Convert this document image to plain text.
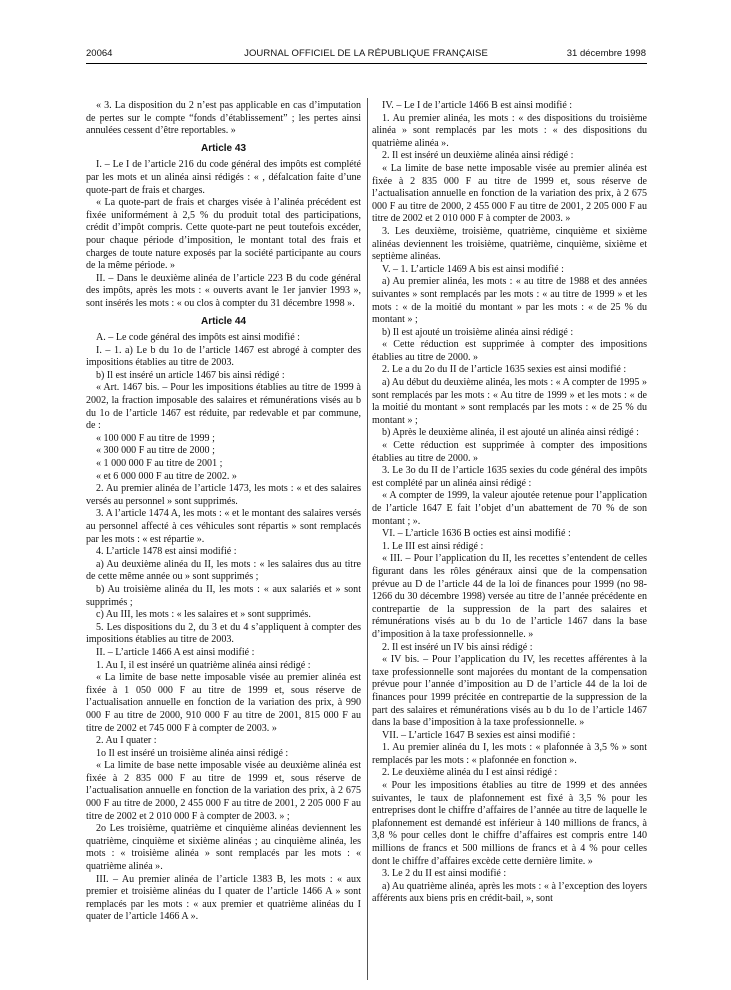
20064	JOURNAL OFFICIEL DE LA RÉPUBLIQUE FRANÇAISE	31 décembre 1998

« 3. La disposition du 2 n’est pas applicable en cas d’imputation de pertes sur le compte “fonds d’établissement” ; les pertes ainsi annulées cessent d’être reportables. »

Article 43

I. – Le I de l’article 216 du code général des impôts est complété par les mots et un alinéa ainsi rédigés : « , défalcation faite d’une quote-part de frais et charges.

« La quote-part de frais et charges visée à l’alinéa précédent est fixée uniformément à 2,5 % du produit total des participations, crédit d’impôt compris. Cette quote-part ne peut toutefois excéder, pour chaque période d’imposition, le montant total des frais et charges de toute nature exposés par la société participante au cours de la même période. »

II. – Dans le deuxième alinéa de l’article 223 B du code général des impôts, après les mots : « ouverts avant le 1er janvier 1993 », sont insérés les mots : « ou clos à compter du 31 décembre 1998 ».

Article 44

A. – Le code général des impôts est ainsi modifié :

I. – 1. a) Le b du 1o de l’article 1467 est abrogé à compter des impositions établies au titre de 2003.

b) Il est inséré un article 1467 bis ainsi rédigé :

« Art. 1467 bis. – Pour les impositions établies au titre de 1999 à 2002, la fraction imposable des salaires et rémunérations visés au b du 1o de l’article 1467 est réduite, par redevable et par commune, de :

« 100 000 F au titre de 1999 ;

« 300 000 F au titre de 2000 ;

« 1 000 000 F au titre de 2001 ;

« et 6 000 000 F au titre de 2002. »

2. Au premier alinéa de l’article 1473, les mots : « et des salaires versés au personnel » sont supprimés.

3. A l’article 1474 A, les mots : « et le montant des salaires versés au personnel affecté à ces véhicules sont répartis » sont remplacés par les mots : « est répartie ».

4. L’article 1478 est ainsi modifié :

a) Au deuxième alinéa du II, les mots : « les salaires dus au titre de cette même année ou » sont supprimés ;

b) Au troisième alinéa du II, les mots : « aux salariés et » sont supprimés ;

c) Au III, les mots : « les salaires et » sont supprimés.

5. Les dispositions du 2, du 3 et du 4 s’appliquent à compter des impositions établies au titre de 2003.

II. – L’article 1466 A est ainsi modifié :

1. Au I, il est inséré un quatrième alinéa ainsi rédigé :

« La limite de base nette imposable visée au premier alinéa est fixée à 1 050 000 F au titre de 1999 et, sous réserve de l’actualisation annuelle en fonction de la variation des prix, à 990 000 F au titre de 2000, 910 000 F au titre de 2001, 815 000 F au titre de 2002 et 745 000 F à compter de 2003. »

2. Au I quater :

1o Il est inséré un troisième alinéa ainsi rédigé :

« La limite de base nette imposable visée au deuxième alinéa est fixée à 2 835 000 F au titre de 1999 et, sous réserve de l’actualisation annuelle en fonction de la variation des prix, à 2 675 000 F au titre de 2000, 2 455 000 F au titre de 2001, 2 205 000 F au titre de 2002 et 2 010 000 F à compter de 2003. » ;

2o Les troisième, quatrième et cinquième alinéas deviennent les quatrième, cinquième et sixième alinéas ; au cinquième alinéa, les mots : « troisième alinéa » sont remplacés par les mots : « quatrième alinéa ».

III. – Au premier alinéa de l’article 1383 B, les mots : « aux premier et troisième alinéas du I quater de l’article 1466 A » sont remplacés par les mots : « aux premier et quatrième alinéas du I quater de l’article 1466 A ».

IV. – Le I de l’article 1466 B est ainsi modifié :

1. Au premier alinéa, les mots : « des dispositions du troisième alinéa » sont remplacés par les mots : « des dispositions du quatrième alinéa ».

2. Il est inséré un deuxième alinéa ainsi rédigé :

« La limite de base nette imposable visée au premier alinéa est fixée à 2 835 000 F au titre de 1999 et, sous réserve de l’actualisation annuelle en fonction de la variation des prix, à 2 675 000 F au titre de 2000, 2 455 000 F au titre de 2001, 2 205 000 F au titre de 2002 et 2 010 000 F à compter de 2003. »

3. Les deuxième, troisième, quatrième, cinquième et sixième alinéas deviennent les troisième, quatrième, cinquième, sixième et septième alinéas.

V. – 1. L’article 1469 A bis est ainsi modifié :

a) Au premier alinéa, les mots : « au titre de 1988 et des années suivantes » sont remplacés par les mots : « au titre de 1999 » et les mots : « de la moitié du montant » par les mots : « de 25 % du montant » ;

b) Il est ajouté un troisième alinéa ainsi rédigé :

« Cette réduction est supprimée à compter des impositions établies au titre de 2000. »

2. Le a du 2o du II de l’article 1635 sexies est ainsi modifié :

a) Au début du deuxième alinéa, les mots : « A compter de 1995 » sont remplacés par les mots : « Au titre de 1999 » et les mots : « de la moitié du montant » sont remplacés par les mots : « de 25 % du montant » ;

b) Après le deuxième alinéa, il est ajouté un alinéa ainsi rédigé :

« Cette réduction est supprimée à compter des impositions établies au titre de 2000. »

3. Le 3o du II de l’article 1635 sexies du code général des impôts est complété par un alinéa ainsi rédigé :

« A compter de 1999, la valeur ajoutée retenue pour l’application de l’article 1647 E fait l’objet d’un abattement de 70 % de son montant ; ».

VI. – L’article 1636 B octies est ainsi modifié :

1. Le III est ainsi rédigé :

« III. – Pour l’application du II, les recettes s’entendent de celles figurant dans les rôles généraux ainsi que de la compensation prévue au D de l’article 44 de la loi de finances pour 1999 (no 98-1266 du 30 décembre 1998) versée au titre de l’année précédente en contrepartie de la suppression de la part des salaires et rémunérations visés au b du 1o de l’article 1467 dans la base d’imposition à la taxe professionnelle. »

2. Il est inséré un IV bis ainsi rédigé :

« IV bis. – Pour l’application du IV, les recettes afférentes à la taxe professionnelle sont majorées du montant de la compensation prévue pour l’année d’imposition au D de l’article 44 de la loi de finances pour 1999 précitée en contrepartie de la suppression de la part des salaires et rémunérations visés au b du 1o de l’article 1467 dans la base d’imposition à la taxe professionnelle. »

VII. – L’article 1647 B sexies est ainsi modifié :

1. Au premier alinéa du I, les mots : « plafonnée à 3,5 % » sont remplacés par les mots : « plafonnée en fonction ».

2. Le deuxième alinéa du I est ainsi rédigé :

« Pour les impositions établies au titre de 1999 et des années suivantes, le taux de plafonnement est fixé à 3,5 % pour les entreprises dont le chiffre d’affaires de l’année au titre de laquelle le plafonnement est demandé est inférieur à 140 millions de francs, à 3,8 % pour celles dont le chiffre d’affaires est compris entre 140 millions de francs et 500 millions de francs et à 4 % pour celles dont le chiffre d’affaires excède cette dernière limite. »

3. Le 2 du II est ainsi modifié :

a) Au quatrième alinéa, après les mots : « à l’exception des loyers afférents aux biens pris en crédit-bail, », sont
